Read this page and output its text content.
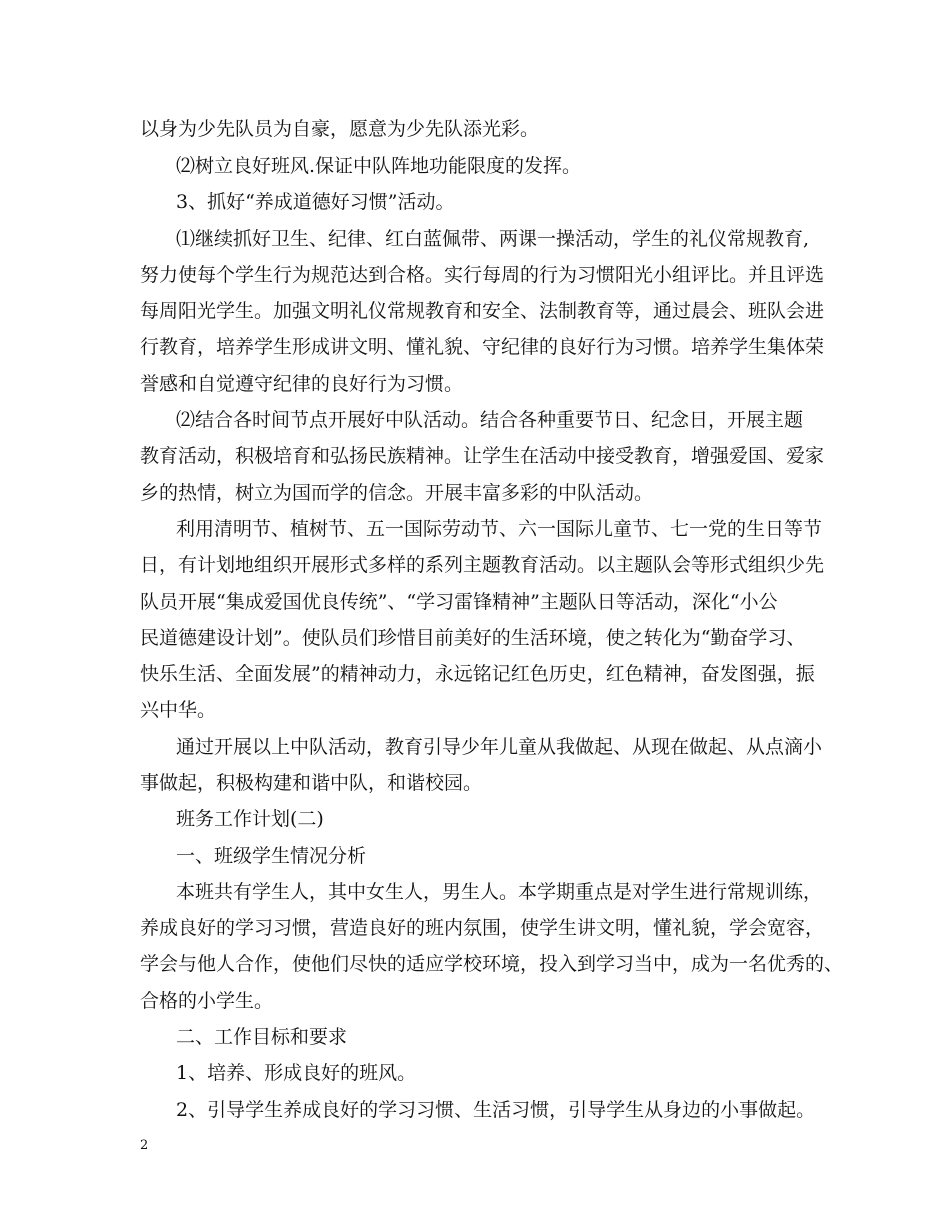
以身为少先队员为自豪，愿意为少先队添光彩。
⑵树立良好班风.保证中队阵地功能限度的发挥。
3、抓好“养成道德好习惯”活动。
⑴继续抓好卫生、纪律、红白蓝佩带、两课一操活动，学生的礼仪常规教育,
努力使每个学生行为规范达到合格。实行每周的行为习惯阳光小组评比。并且评选
每周阳光学生。加强文明礼仪常规教育和安全、法制教育等，通过晨会、班队会进
行教育，培养学生形成讲文明、懂礼貌、守纪律的良好行为习惯。培养学生集体荣
誉感和自觉遵守纪律的良好行为习惯。
⑵结合各时间节点开展好中队活动。结合各种重要节日、纪念日，开展主题
教育活动，积极培育和弘扬民族精神。让学生在活动中接受教育，增强爱国、爱家
乡的热情，树立为国而学的信念。开展丰富多彩的中队活动。
利用清明节、植树节、五一国际劳动节、六一国际儿童节、七一党的生日等节
日，有计划地组织开展形式多样的系列主题教育活动。以主题队会等形式组织少先
队员开展“集成爱国优良传统”、“学习雷锋精神”主题队日等活动，深化“小公
民道德建设计划”。使队员们珍惜目前美好的生活环境，使之转化为“勤奋学习、
快乐生活、全面发展”的精神动力，永远铭记红色历史，红色精神，奋发图强，振
兴中华。
通过开展以上中队活动，教育引导少年儿童从我做起、从现在做起、从点滴小
事做起，积极构建和谐中队，和谐校园。
班务工作计划(二)
一、班级学生情况分析
本班共有学生人，其中女生人，男生人。本学期重点是对学生进行常规训练，
养成良好的学习习惯，营造良好的班内氛围，使学生讲文明，懂礼貌，学会宽容，
学会与他人合作，使他们尽快的适应学校环境，投入到学习当中，成为一名优秀的、
合格的小学生。
二、工作目标和要求
1、培养、形成良好的班风。
2、引导学生养成良好的学习习惯、生活习惯，引导学生从身边的小事做起。
2
